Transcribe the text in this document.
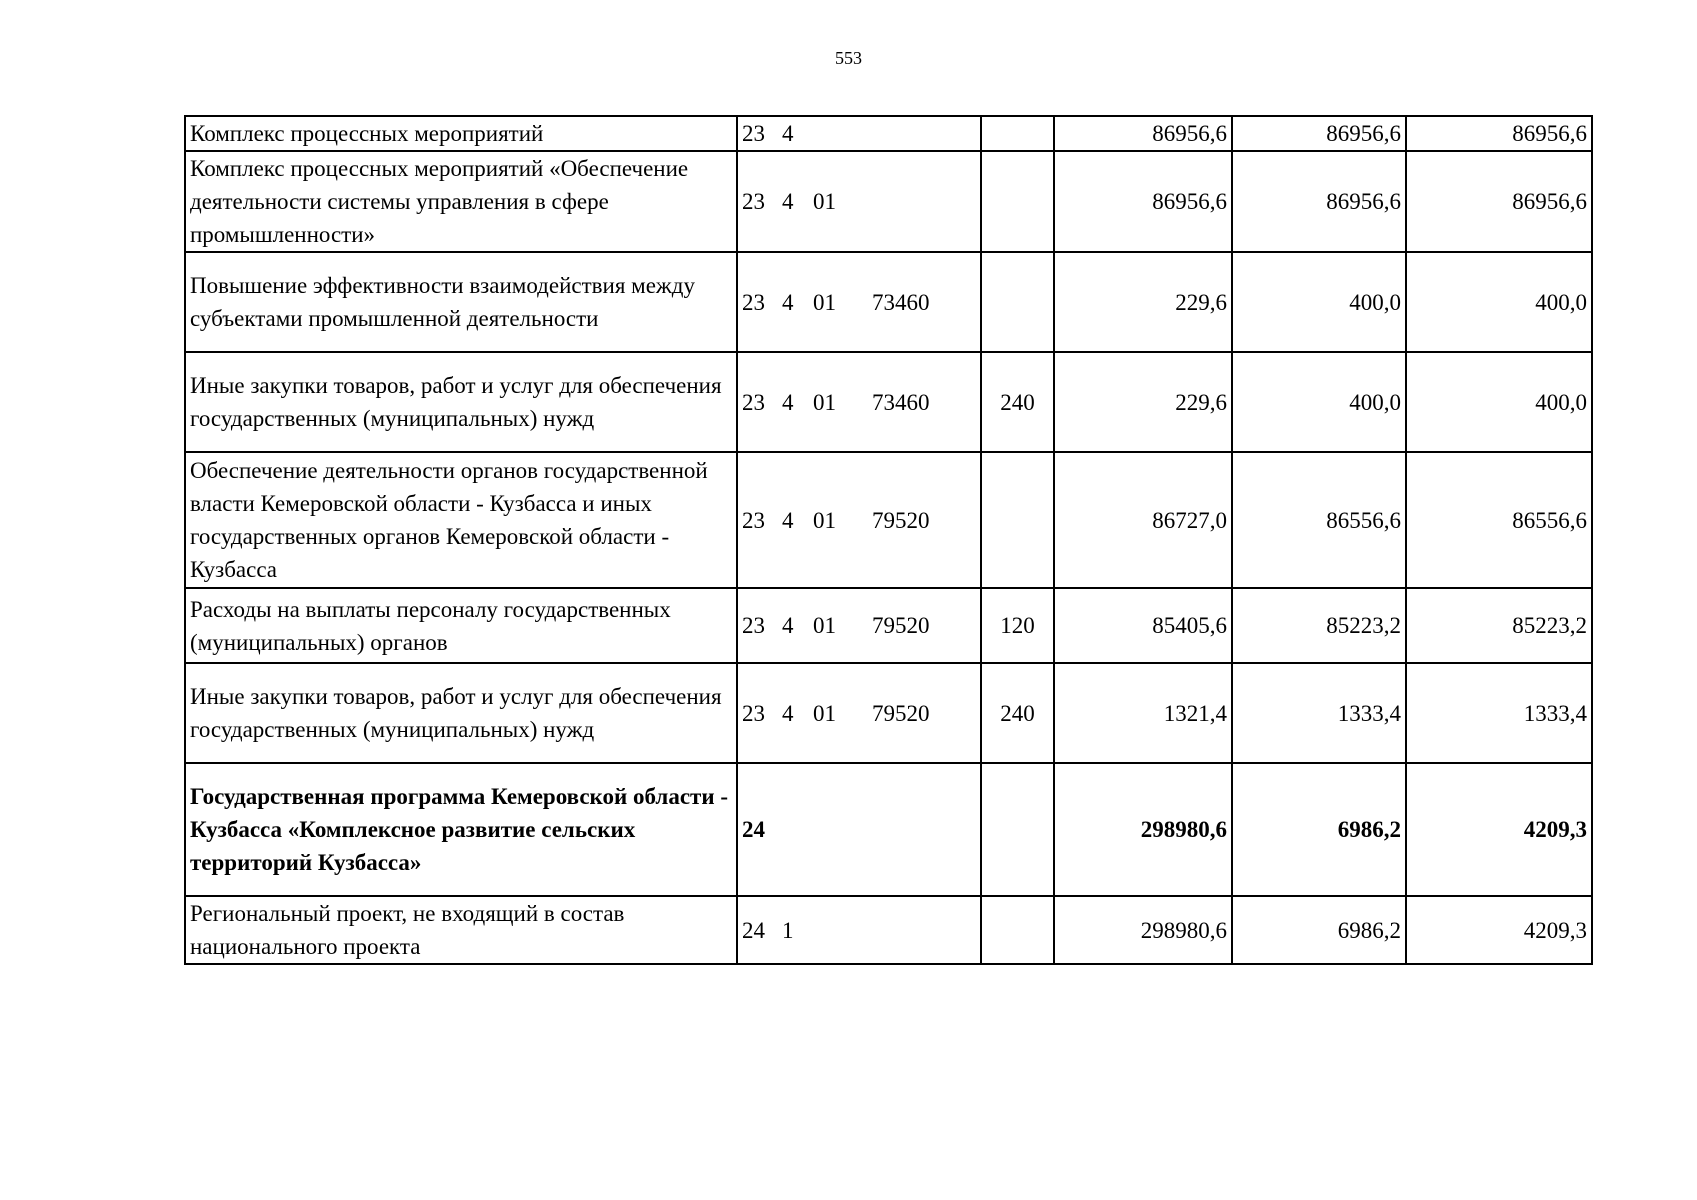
553
Комплекс процессных мероприятий	23 4		86956,6	86956,6	86956,6
Комплекс процессных мероприятий «Обеспечение деятельности системы управления в сфере промышленности»	23 4 01		86956,6	86956,6	86956,6
Повышение эффективности взаимодействия между субъектами промышленной деятельности	23 4 01 73460		229,6	400,0	400,0
Иные закупки товаров, работ и услуг для обеспечения государственных (муниципальных) нужд	23 4 01 73460	240	229,6	400,0	400,0
Обеспечение деятельности органов государственной власти Кемеровской области - Кузбасса и иных государственных органов Кемеровской области - Кузбасса	23 4 01 79520		86727,0	86556,6	86556,6
Расходы на выплаты персоналу государственных (муниципальных) органов	23 4 01 79520	120	85405,6	85223,2	85223,2
Иные закупки товаров, работ и услуг для обеспечения государственных (муниципальных) нужд	23 4 01 79520	240	1321,4	1333,4	1333,4
Государственная программа Кемеровской области - Кузбасса «Комплексное развитие сельских территорий Кузбасса»	24		298980,6	6986,2	4209,3
Региональный проект, не входящий в состав национального проекта	24 1		298980,6	6986,2	4209,3
